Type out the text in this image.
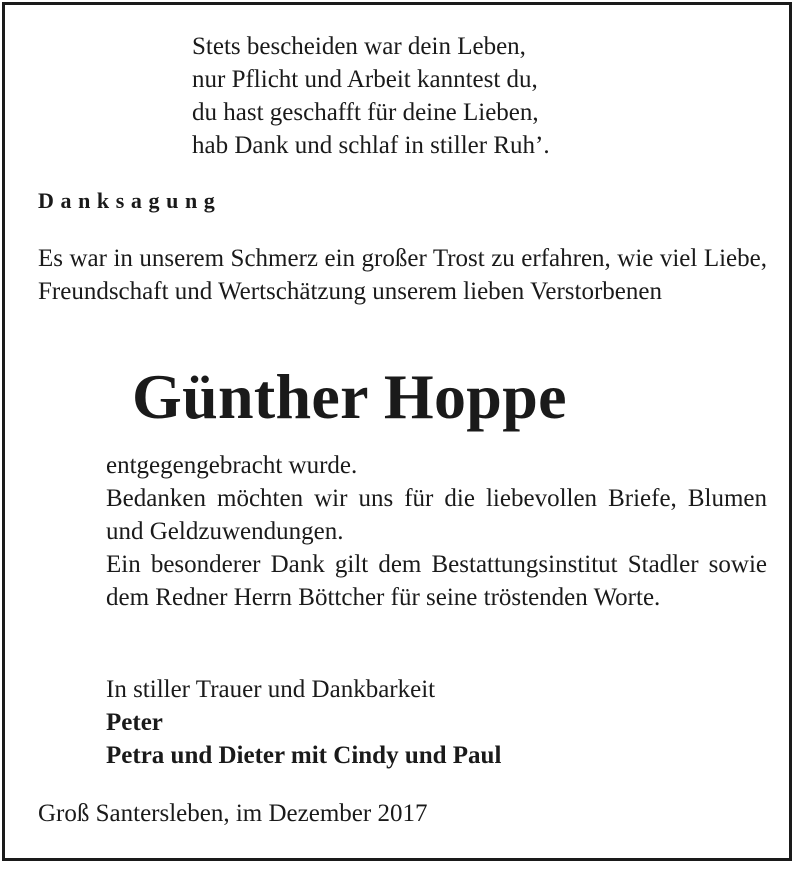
Stets bescheiden war dein Leben,
nur Pflicht und Arbeit kanntest du,
du hast geschafft für deine Lieben,
hab Dank und schlaf in stiller Ruh’.
Danksagung
Es war in unserem Schmerz ein großer Trost zu erfahren, wie viel Liebe, Freundschaft und Wertschätzung unserem lieben Verstorbenen
Günther Hoppe
entgegengebracht wurde.
Bedanken möchten wir uns für die liebevollen Briefe, Blumen und Geldzuwendungen.
Ein besonderer Dank gilt dem Bestattungsinstitut Stadler sowie dem Redner Herrn Böttcher für seine tröstenden Worte.
In stiller Trauer und Dankbarkeit
Peter
Petra und Dieter mit Cindy und Paul
Groß Santersleben, im Dezember 2017
